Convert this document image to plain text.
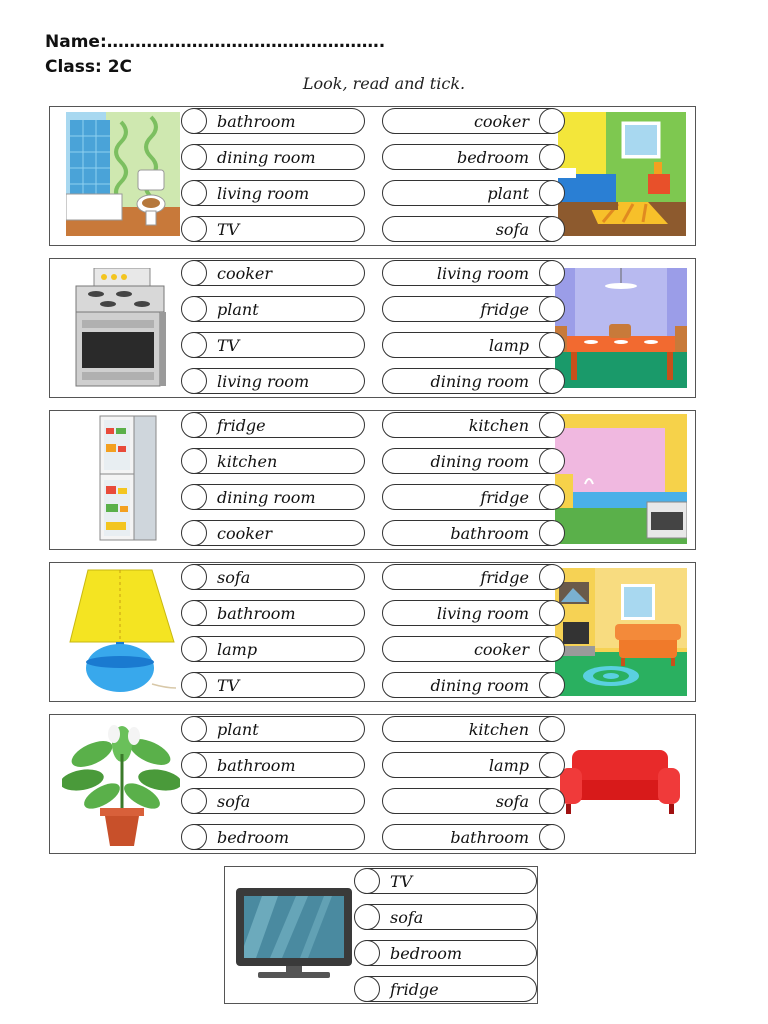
Name:………………………………………….
Class: 2C
Look, read and tick.
bathroom
dining room
living room
TV
cooker
bedroom
plant
sofa
cooker
plant
TV
living room
living room
fridge
lamp
dining room
fridge
kitchen
dining room
cooker
kitchen
dining room
fridge
bathroom
sofa
bathroom
lamp
TV
fridge
living room
cooker
dining room
plant
bathroom
sofa
bedroom
kitchen
lamp
sofa
bathroom
TV
sofa
bedroom
fridge
